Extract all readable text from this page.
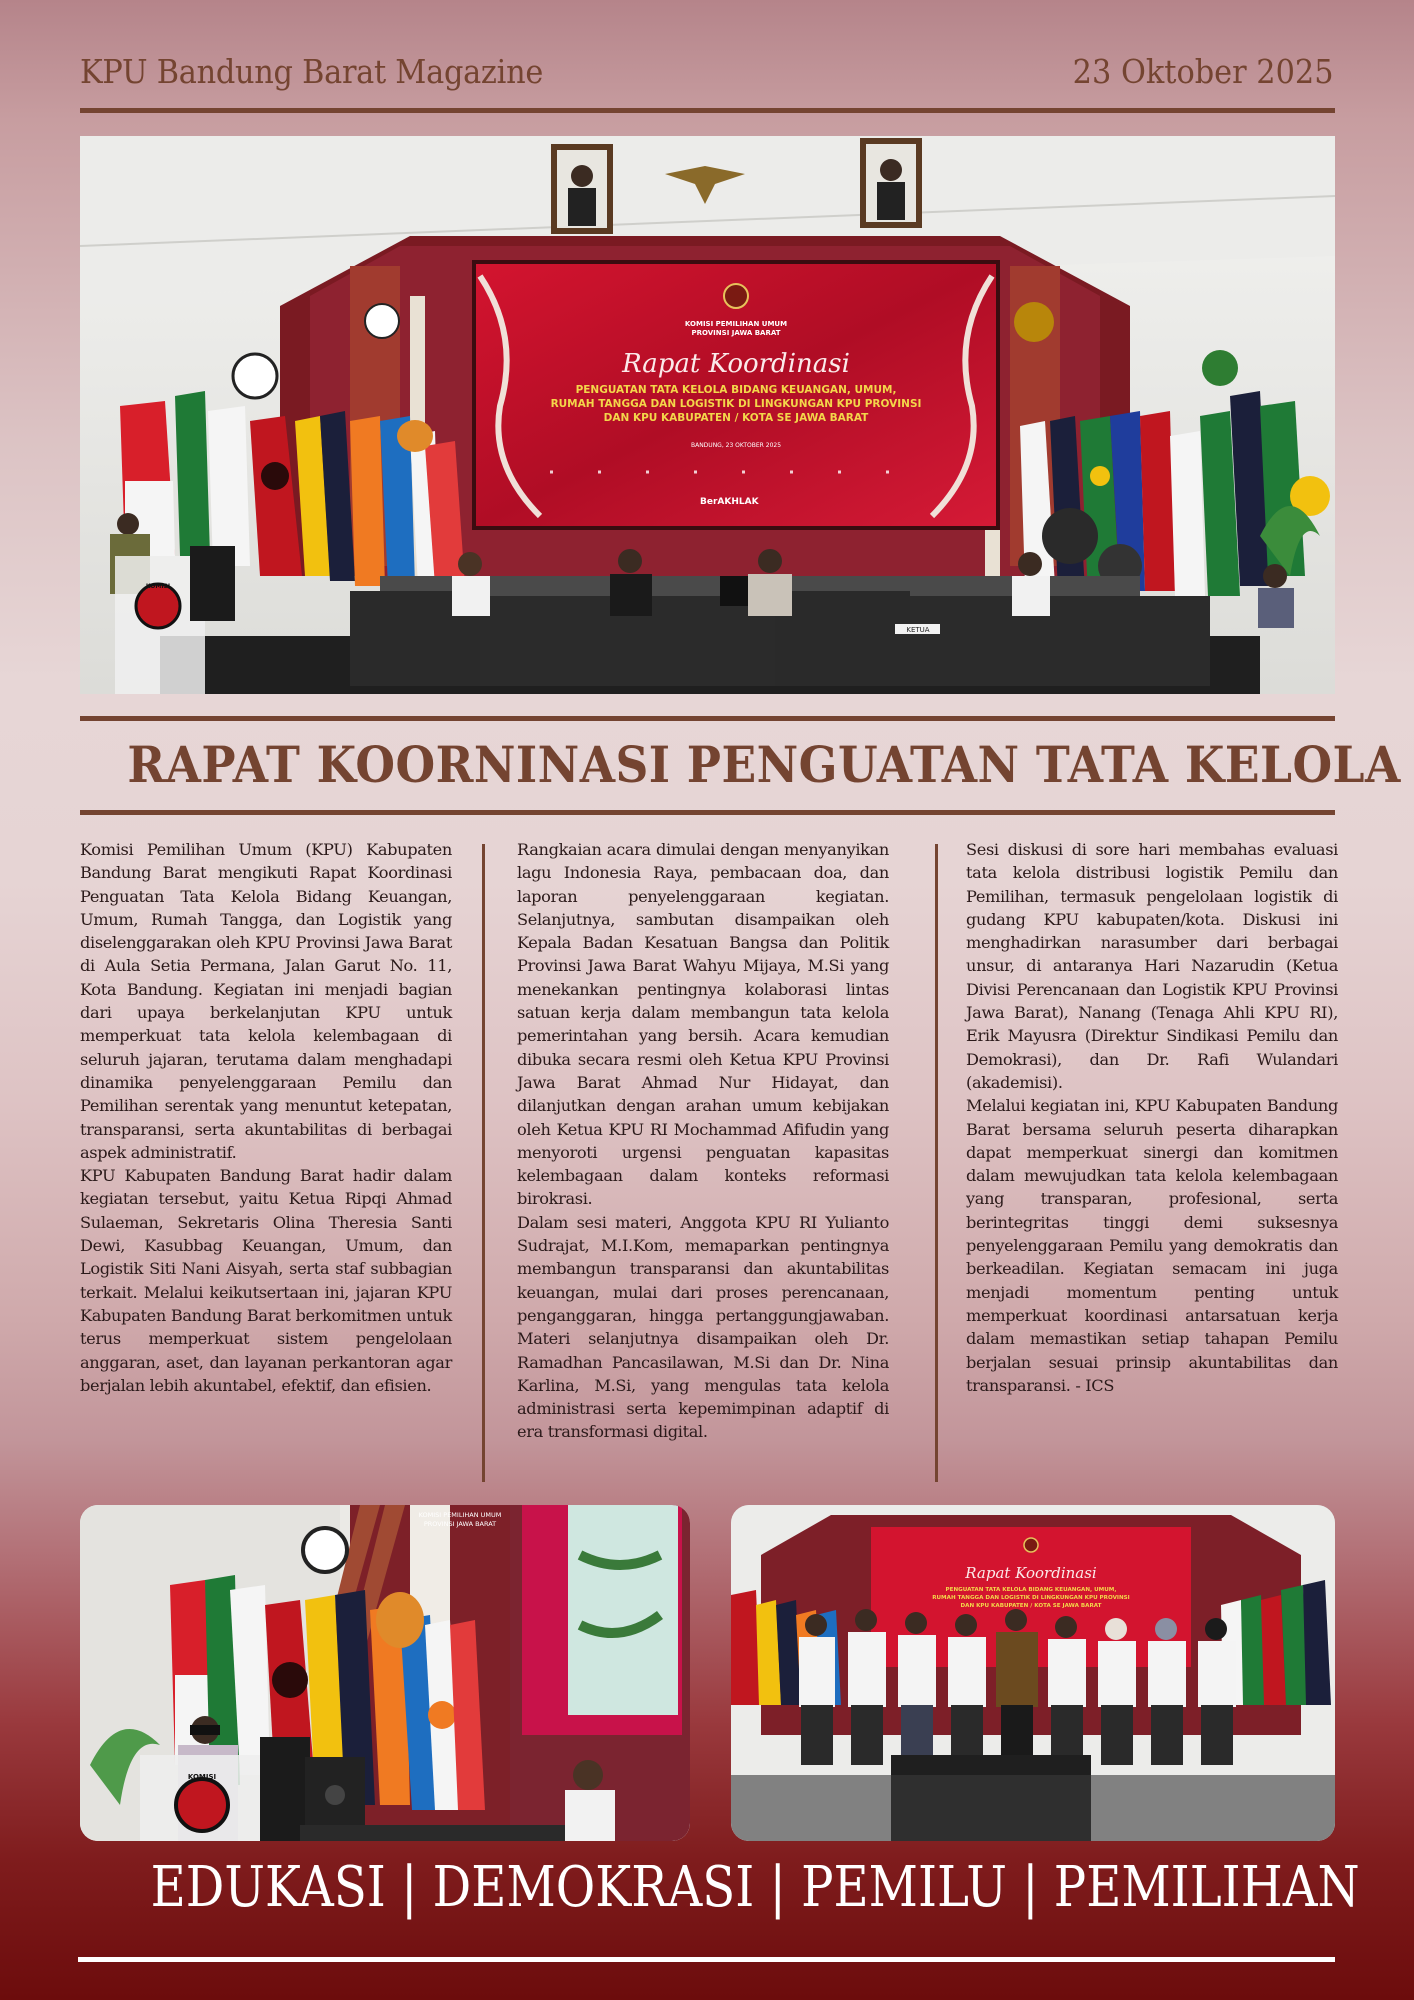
KPU Bandung Barat Magazine	23 Oktober 2025
KOMISI PEMILIHAN UMUM
PROVINSI JAWA BARAT
Rapat Koordinasi
PENGUATAN TATA KELOLA BIDANG KEUANGAN, UMUM,
RUMAH TANGGA DAN LOGISTIK DI LINGKUNGAN KPU PROVINSI
DAN KPU KABUPATEN / KOTA SE JAWA BARAT
BANDUNG, 23 OKTOBER 2025
BerAKHLAK
KETUA
KOMISI
RAPAT KOORNINASI PENGUATAN TATA KELOLA

Komisi Pemilihan Umum (KPU) Kabupaten Bandung Barat mengikuti Rapat Koordinasi Penguatan Tata Kelola Bidang Keuangan, Umum, Rumah Tangga, dan Logistik yang diselenggarakan oleh KPU Provinsi Jawa Barat di Aula Setia Permana, Jalan Garut No. 11, Kota Bandung. Kegiatan ini menjadi bagian dari upaya berkelanjutan KPU untuk memperkuat tata kelola kelembagaan di seluruh jajaran, terutama dalam menghadapi dinamika penyelenggaraan Pemilu dan Pemilihan serentak yang menuntut ketepatan, transparansi, serta akuntabilitas di berbagai aspek administratif.

KPU Kabupaten Bandung Barat hadir dalam kegiatan tersebut, yaitu Ketua Ripqi Ahmad Sulaeman, Sekretaris Olina Theresia Santi Dewi, Kasubbag Keuangan, Umum, dan Logistik Siti Nani Aisyah, serta staf subbagian terkait. Melalui keikutsertaan ini, jajaran KPU Kabupaten Bandung Barat berkomitmen untuk terus memperkuat sistem pengelolaan anggaran, aset, dan layanan perkantoran agar berjalan lebih akuntabel, efektif, dan efisien.

Rangkaian acara dimulai dengan menyanyikan lagu Indonesia Raya, pembacaan doa, dan laporan penyelenggaraan kegiatan. Selanjutnya, sambutan disampaikan oleh Kepala Badan Kesatuan Bangsa dan Politik Provinsi Jawa Barat Wahyu Mijaya, M.Si yang menekankan pentingnya kolaborasi lintas satuan kerja dalam membangun tata kelola pemerintahan yang bersih. Acara kemudian dibuka secara resmi oleh Ketua KPU Provinsi Jawa Barat Ahmad Nur Hidayat, dan dilanjutkan dengan arahan umum kebijakan oleh Ketua KPU RI Mochammad Afifudin yang menyoroti urgensi penguatan kapasitas kelembagaan dalam konteks reformasi birokrasi.

Dalam sesi materi, Anggota KPU RI Yulianto Sudrajat, M.I.Kom, memaparkan pentingnya membangun transparansi dan akuntabilitas keuangan, mulai dari proses perencanaan, penganggaran, hingga pertanggungjawaban. Materi selanjutnya disampaikan oleh Dr. Ramadhan Pancasilawan, M.Si dan Dr. Nina Karlina, M.Si, yang mengulas tata kelola administrasi serta kepemimpinan adaptif di era transformasi digital.

Sesi diskusi di sore hari membahas evaluasi tata kelola distribusi logistik Pemilu dan Pemilihan, termasuk pengelolaan logistik di gudang KPU kabupaten/kota. Diskusi ini menghadirkan narasumber dari berbagai unsur, di antaranya Hari Nazarudin (Ketua Divisi Perencanaan dan Logistik KPU Provinsi Jawa Barat), Nanang (Tenaga Ahli KPU RI), Erik Mayusra (Direktur Sindikasi Pemilu dan Demokrasi), dan Dr. Rafi Wulandari (akademisi).

Melalui kegiatan ini, KPU Kabupaten Bandung Barat bersama seluruh peserta diharapkan dapat memperkuat sinergi dan komitmen dalam mewujudkan tata kelola kelembagaan yang transparan, profesional, serta berintegritas tinggi demi suksesnya penyelenggaraan Pemilu yang demokratis dan berkeadilan. Kegiatan semacam ini juga menjadi momentum penting untuk memperkuat koordinasi antarsatuan kerja dalam memastikan setiap tahapan Pemilu berjalan sesuai prinsip akuntabilitas dan transparansi. - ICS

KOMISI PEMILIHAN UMUM
PROVINSI JAWA BARAT
KOMISI
Rapat Koordinasi
PENGUATAN TATA KELOLA BIDANG KEUANGAN, UMUM,
RUMAH TANGGA DAN LOGISTIK DI LINGKUNGAN KPU PROVINSI
DAN KPU KABUPATEN / KOTA SE JAWA BARAT
EDUKASI | DEMOKRASI | PEMILU | PEMILIHAN
